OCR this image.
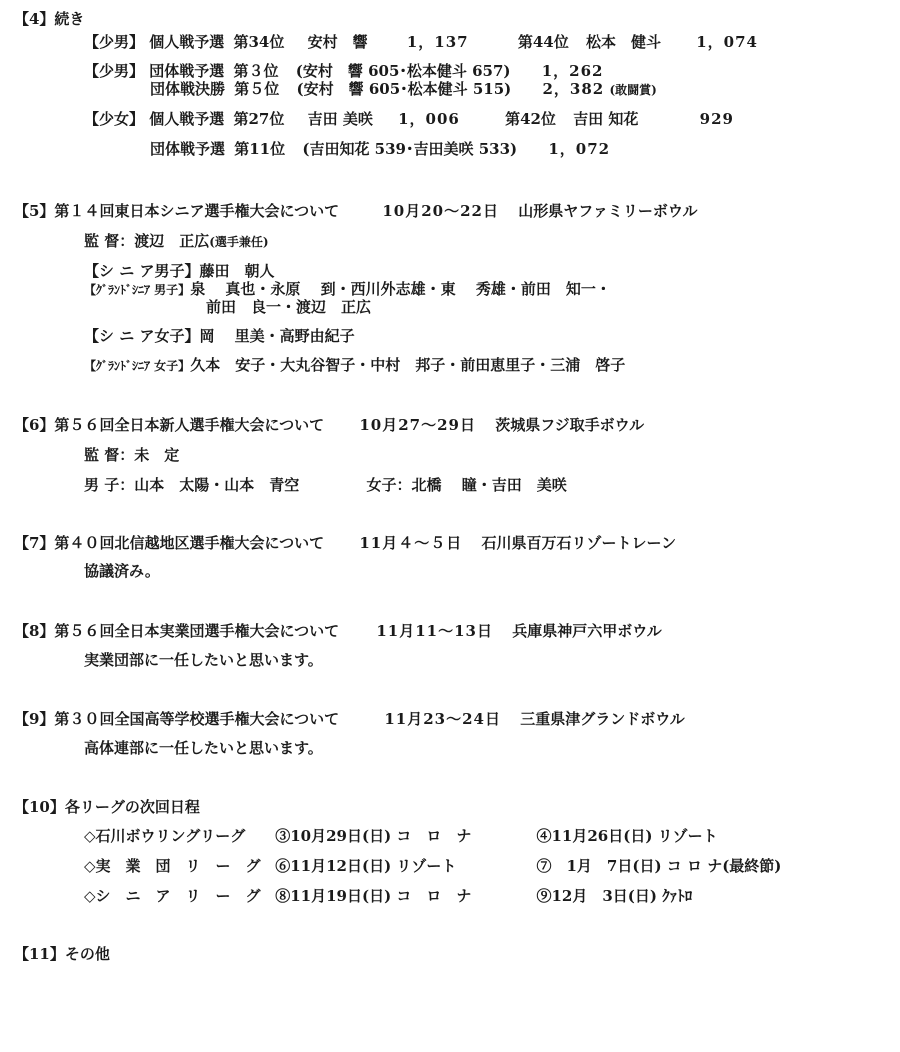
【4】続き
【少男】 個人戦予選 第34位 安村　響	1，137	第44位 松本　健斗 1，074
【少男】 団体戦予選 第３位 (安村　響 605･松本健斗 657) 1，262
団体戦決勝 第５位 (安村　響 605･松本健斗 515) 2，382 (敢闘賞)
【少女】 個人戦予選 第27位 吉田 美咲 1，006	第42位 吉田 知花	929
団体戦予選 第11位 (吉田知花 539･吉田美咲 533) 1，072
【5】第１４回東日本シニア選手権大会について	10月20～22日 山形県ヤファミリーボウル
監 督：渡辺　正広(選手兼任)
【シ ニ ア男子】藤田　朝人
【ｸﾞﾗﾝﾄﾞｼﾆｱ 男子】泉　 真也・永原　 到・西川外志雄・東　 秀雄・前田　知一・
前田　良一・渡辺　正広
【シ ニ ア女子】岡　 里美・高野由紀子
【ｸﾞﾗﾝﾄﾞｼﾆｱ 女子】久本　安子・大丸谷智子・中村　邦子・前田恵里子・三浦　啓子
【6】第５６回全日本新人選手権大会について 10月27～29日 茨城県フジ取手ボウル
監 督：未　定
男 子：山本　太陽・山本　青空	女子：北橋　 瞳・吉田　美咲
【7】第４０回北信越地区選手権大会について 11月４～５日 石川県百万石リゾートレーン
協議済み。
【8】第５６回全日本実業団選手権大会について 11月11～13日 兵庫県神戸六甲ボウル
実業団部に一任したいと思います。
【9】第３０回全国高等学校選手権大会について	11月23～24日 三重県津グランドボウル
高体連部に一任したいと思います。
【10】各リーグの次回日程
◇石川ボウリングリーグ ③10月29日(日) コ　ロ　ナ	④11月26日(日) リゾート
◇実　業　団　リ　ー　グ ⑥11月12日(日) リゾート	⑦　1月　7日(日) コ ロ ナ(最終節)
◇シ　ニ　ア　リ　ー　グ ⑧11月19日(日) コ　ロ　ナ	⑨12月　3日(日) ｸｧﾄﾛ
【11】その他
